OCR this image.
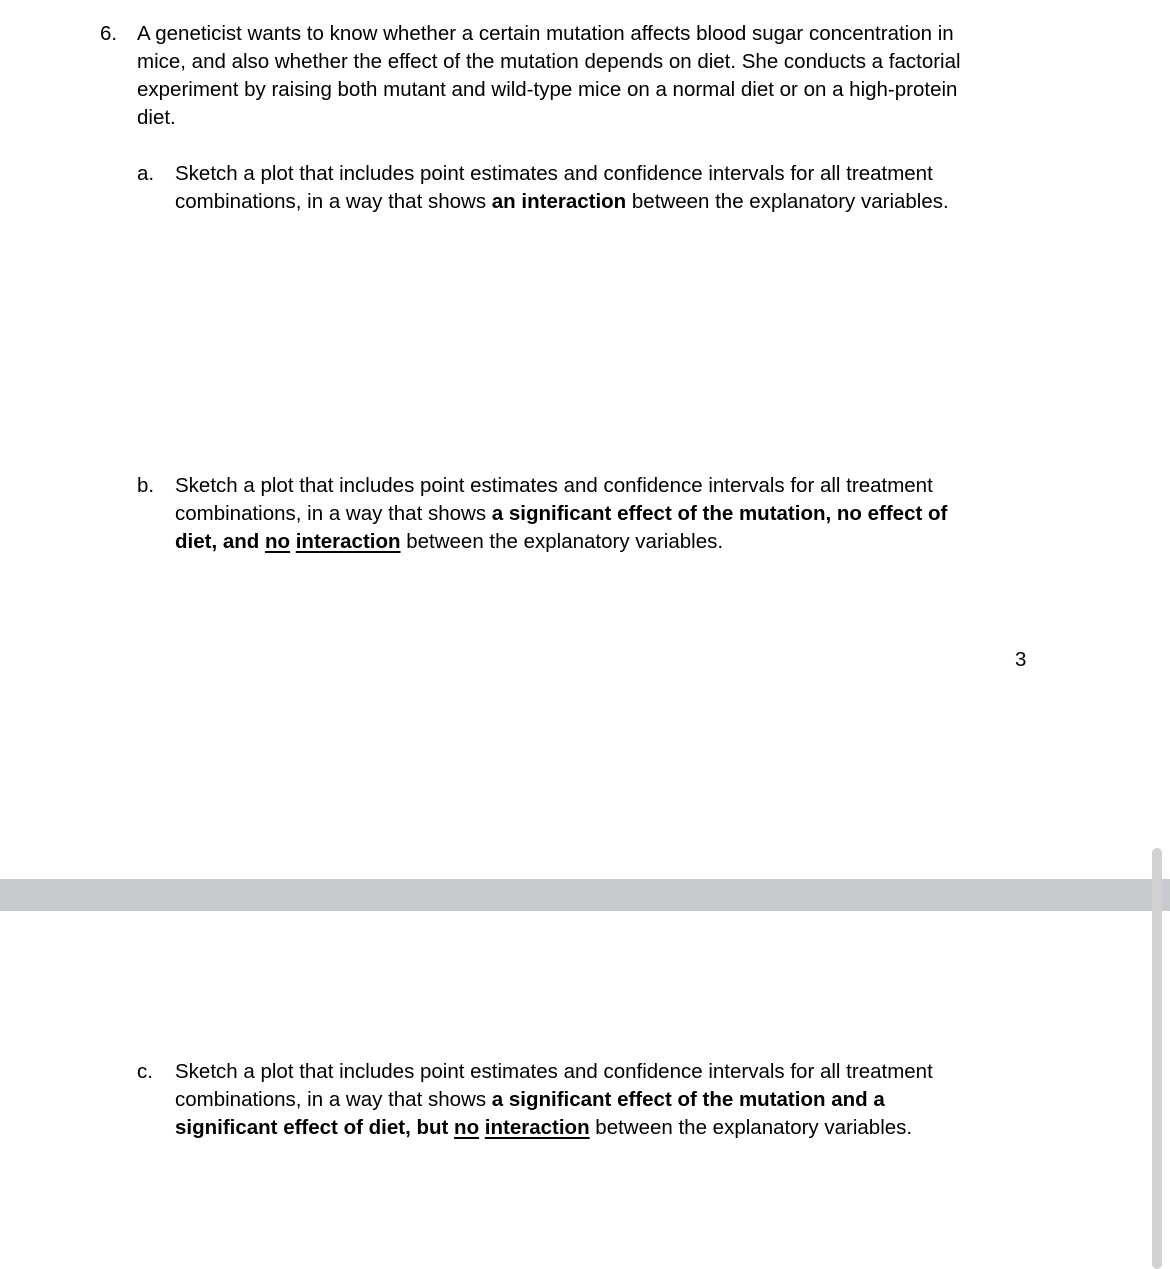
6. A geneticist wants to know whether a certain mutation affects blood sugar concentration in
mice, and also whether the effect of the mutation depends on diet. She conducts a factorial
experiment by raising both mutant and wild-type mice on a normal diet or on a high-protein
diet.
a. Sketch a plot that includes point estimates and confidence intervals for all treatment
combinations, in a way that shows an interaction between the explanatory variables.
b. Sketch a plot that includes point estimates and confidence intervals for all treatment
combinations, in a way that shows a significant effect of the mutation, no effect of
diet, and no interaction between the explanatory variables.
3
c. Sketch a plot that includes point estimates and confidence intervals for all treatment
combinations, in a way that shows a significant effect of the mutation and a
significant effect of diet, but no interaction between the explanatory variables.
